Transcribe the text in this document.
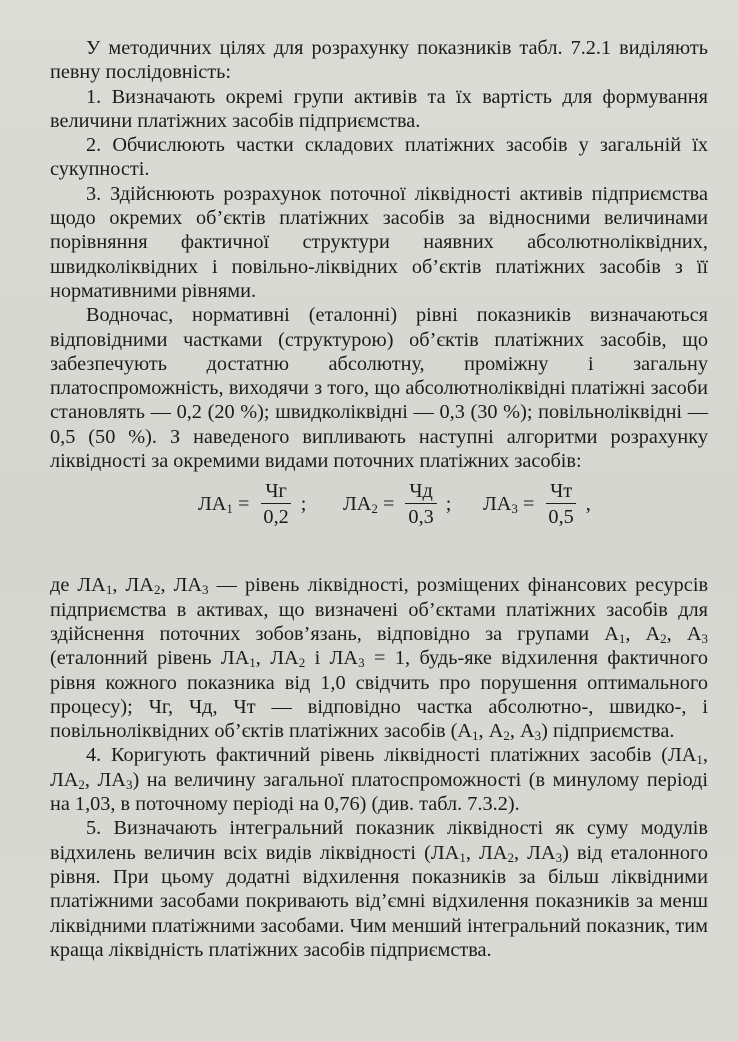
У методичних цілях для розрахунку показників табл. 7.2.1 виділяють певну послідовність:

1. Визначають окремі групи активів та їх вартість для формування величини платіжних засобів підприємства.

2. Обчислюють частки складових платіжних засобів у загальній їх сукупності.

3. Здійснюють розрахунок поточної ліквідності активів підприємства щодо окремих об’єктів платіжних засобів за відносними величинами порівняння фактичної структури наявних абсолютноліквідних, швидколіквідних і повільно-ліквідних об’єктів платіжних засобів з її нормативними рівнями.

Водночас, нормативні (еталонні) рівні показників визначаються відповідними частками (структурою) об’єктів платіжних засобів, що забезпечують достатню абсолютну, проміжну і загальну платоспроможність, виходячи з того, що абсолютноліквідні платіжні засоби становлять — 0,2 (20 %); швидколіквідні — 0,3 (30 %); повільноліквідні — 0,5 (50 %). З наведеного випливають наступні алгоритми розрахунку ліквідності за окремими видами поточних платіжних засобів:

$ЛА_1 = \frac{Чг}{0,2}$ ; $ЛА_2 = \frac{Чд}{0,3}$ ; $ЛА_3 = \frac{Чт}{0,5}$ ,

де $ЛА_1$, $ЛА_2$, $ЛА_3$ — рівень ліквідності, розміщених фінансових ресурсів підприємства в активах, що визначені об’єктами платіжних засобів для здійснення поточних зобов’язань, відповідно за групами $А_1$, $А_2$, $А_3$ (еталонний рівень $ЛА_1$, $ЛА_2$ і $ЛА_3 = 1$, будь-яке відхилення фактичного рівня кожного показника від 1,0 свідчить про порушення оптимального процесу); Чг, Чд, Чт — відповідно частка абсолютно-, швидко-, і повільноліквідних об’єктів платіжних засобів ($А_1$, $А_2$, $А_3$) підприємства.

4. Коригують фактичний рівень ліквідності платіжних засобів ($ЛА_1$, $ЛА_2$, $ЛА_3$) на величину загальної платоспроможності (в минулому періоді на 1,03, в поточному періоді на 0,76) (див. табл. 7.3.2).

5. Визначають інтегральний показник ліквідності як суму модулів відхилень величин всіх видів ліквідності ($ЛА_1$, $ЛА_2$, $ЛА_3$) від еталонного рівня. При цьому додатні відхилення показників за більш ліквідними платіжними засобами покривають від’ємні відхилення показників за менш ліквідними платіжними засобами. Чим менший інтегральний показник, тим краща ліквідність платіжних засобів підприємства.
